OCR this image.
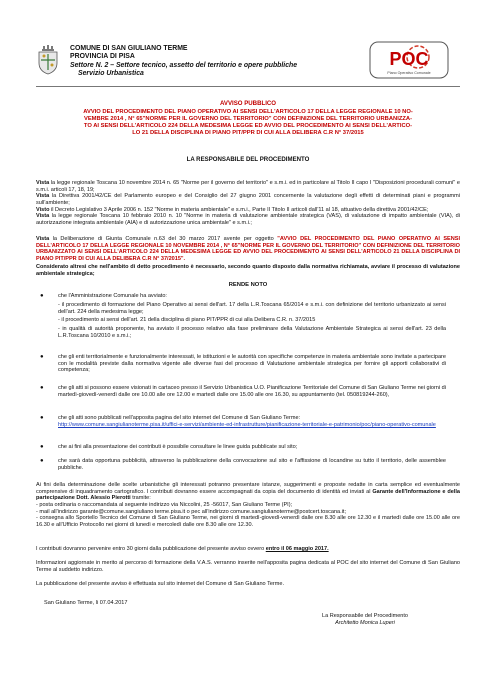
COMUNE DI SAN GIULIANO TERME
PROVINCIA DI PISA
Settore N. 2 – Settore tecnico, assetto del territorio e opere pubbliche
Servizio Urbanistica
POC
Piano Operativo Comunale
AVVISO PUBBLICO
AVVIO DEL PROCEDIMENTO DEL PIANO OPERATIVO AI SENSI DELL'ARTICOLO 17 DELLA LEGGE REGIONALE 10 NO-
VEMBRE 2014 , N° 65"NORME PER IL GOVERNO DEL TERRITORIO" CON DEFINIZIONE DEL TERRITORIO URBANIZZA-
TO AI SENSI DELL'ARTICOLO 224 DELLA MEDESIMA LEGGE ED AVVIO DEL PROCEDIMENTO AI SENSI DELL'ARTICO-
LO 21 DELLA DISCIPLINA DI PIANO PIT/PPR DI CUI ALLA DELIBERA C.R N° 37/2015
LA RESPONSABILE DEL PROCEDIMENTO
Vista la legge regionale Toscana 10 novembre 2014 n. 65 "Norme per il governo del territorio" e s.m.i. ed in particolare al Titolo II capo I "Disposizioni procedurali comuni" e s.m.i. articoli 17, 18, 19;
Vista la Direttiva 2001/42/CE del Parlamento europeo e del Consiglio del 27 giugno 2001 concernente la valutazione degli effetti di determinati piani e programmi sull'ambiente;
Visto il Decreto Legislativo 3 Aprile 2006 n. 152 "Norme in materia ambientale" e s.m.i., Parte II Titolo II articoli dall'11 al 18, attuativo della direttiva 2001/42/CE;
Vista la legge regionale Toscana 10 febbraio 2010 n. 10 "Norme in materia di valutazione ambientale strategica (VAS), di valutazione di impatto ambientale (VIA), di autorizzazione integrata ambientale (AIA) e di autorizzazione unica ambientale" e s.m.i.;
Vista la Deliberazione di Giunta Comunale n.63 del 30 marzo 2017 avente per oggetto "AVVIO DEL PROCEDIMENTO DEL PIANO OPERATIVO AI SENSI DELL'ARTICOLO 17 DELLA LEGGE REGIONALE 10 NOVEMBRE 2014 , N° 65"NORME PER IL GOVERNO DEL TERRITORIO" CON DEFINIZIONE DEL TERRITORIO URBANIZZATO AI SENSI DELL'ARTICOLO 224 DELLA MEDESIMA LEGGE ED AVVIO DEL PROCEDIMENTO AI SENSI DELL'ARTICOLO 21 DELLA DISCIPLINA DI PIANO PIT/PPR DI CUI ALLA DELIBERA C.R N° 37/2015".
Considerato altresì che nell'ambito di detto procedimento è necessario, secondo quanto disposto dalla normativa richiamata, avviare il processo di valutazione ambientale strategica;
RENDE NOTO
●	che l'Amministrazione Comunale ha avviato:
- il procedimento di formazione del Piano Operativo ai sensi dell'art. 17 della L.R.Toscana 65/2014 e s.m.i. con definizione del territorio urbanizzato ai sensi dell'art. 224 della medesima legge;
- il procedimento ai sensi dell'art. 21 della disciplina di piano PIT/PPR di cui alla Delibera C.R. n. 37/2015
- in qualità di autorità proponente, ha avviato il processo relativo alla fase preliminare della Valutazione Ambientale Strategica ai sensi dell'art. 23 della L.R.Toscana 10/2010 e s.m.i.;
●	che gli enti territorialmente e funzionalmente interessati, le istituzioni e le autorità con specifiche competenze in materia ambientale sono invitate a partecipare con le modalità previste dalla normativa vigente alle diverse fasi del processo di Valutazione ambientale strategica per fornire gli apporti collaborativi di competenza;
●	che gli atti si possono essere visionati in cartaceo presso il Servizio Urbanistica U.O. Pianificazione Territoriale del Comune di San Giuliano Terme nei giorni di martedì-giovedì-venerdì dalle ore 10.00 alle ore 12.00 e martedì dalle ore 15.00 alle ore 16.30, su appuntamento (tel. 050819244-260),
●	che gli atti sono pubblicati nell'apposita pagina del sito internet del Comune di San Giuliano Terme:
http://www.comune.sangiulianoterme.pisa.it/uffici-e-servizi/ambiente-ed-infrastrutture/pianificazione-territoriale-e-patrimonio/poc/piano-operativo-comunale
●	che ai fini alla presentazione dei contributi è possibile consultare le linee guida pubblicate sul sito;
●	che sarà data opportuna pubblicità, attraverso la pubblicazione della convocazione sul sito e l'affissione di locandine su tutto il territorio, delle assemblee pubbliche.
Ai fini della determinazione delle scelte urbanistiche gli interessati potranno presentare istanze, suggerimenti e proposte redatte in carta semplice ed eventualmente comprensive di inquadramento cartografico. I contributi dovranno essere accompagnati da copia del documento di identità ed inviati al Garante dell'Informazione e della partecipazione Dott. Alessio Pierotti tramite:
- posta ordinaria o raccomandata al seguente indirizzo via Niccolini, 25 -56017, San Giuliano Terme (PI);
- mail all'indirizzo garante@comune.sangiuliano terme.pisa.it o pec all'indirizzo comune.sangiulianoterme@postcert.toscana.it;
- consegna allo Sportello Tecnico del Comune di San Giuliano Terme, nei giorni di martedì-giovedì-venerdì dalle ore 8.30 alle ore 12.30 e il martedì dalle ore 15.00 alle ore 16.30 e all'Ufficio Protocollo nei giorni di lunedì e mercoledì dalle ore 8.30 alle ore 12.30.
I contributi dovranno pervenire entro 30 giorni dalla pubblicazione del presente avviso ovvero entro il 06 maggio 2017.
Informazioni aggiornate in merito al percorso di formazione della V.A.S. verranno inserite nell'apposita pagina dedicata al POC del sito internet del Comune di San Giuliano Terme al suddetto indirizzo.
La pubblicazione del presente avviso è effettuata sul sito internet del Comune di San Giuliano Terme.
San Giuliano Terme, li 07.04.2017
La Responsabile del Procedimento
Architetto Monica Luperi
